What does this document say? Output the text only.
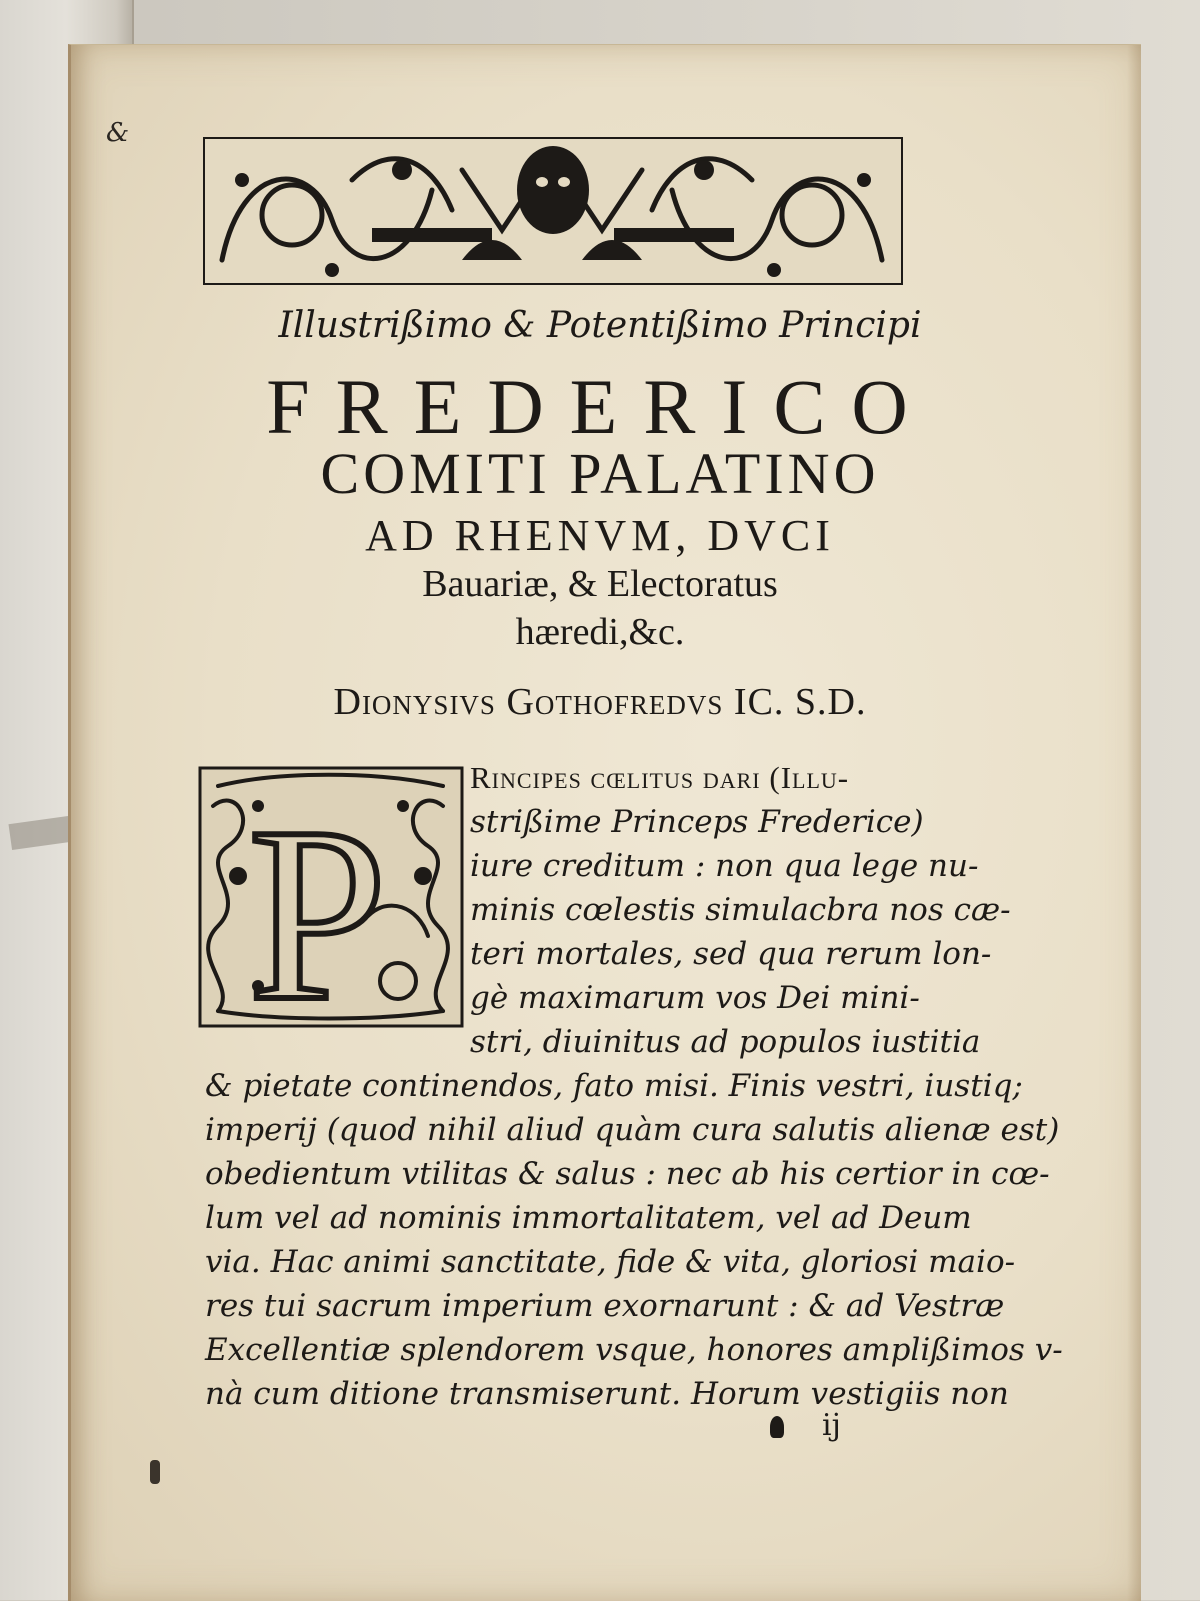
&
Illustrißimo & Potentißimo Principi
FREDERICO
COMITI PALATINO
AD RHENVM, DVCI
Bauariæ, & Electoratus
hæredi,&c.
Dionysivs Gothofredvs IC. S.D.
P	Rincipes cœlitus dari (Illu-
strißime Princeps Frederice)
iure creditum : non qua lege nu-
minis cœlestis simulacbra nos cæ-
teri mortales, sed qua rerum lon-
gè maximarum vos Dei mini-
stri, diuinitus ad populos iustitia
& pietate continendos, fato misi. Finis vestri, iustiq;
imperij (quod nihil aliud quàm cura salutis alienæ est)
obedientum vtilitas & salus : nec ab his certior in cœ-
lum vel ad nominis immortalitatem, vel ad Deum
via. Hac animi sanctitate, fide & vita, gloriosi maio-
res tui sacrum imperium exornarunt : & ad Vestræ
Excellentiæ splendorem vsque, honores amplißimos v-
nà cum ditione transmiserunt. Horum vestigiis non
ij
